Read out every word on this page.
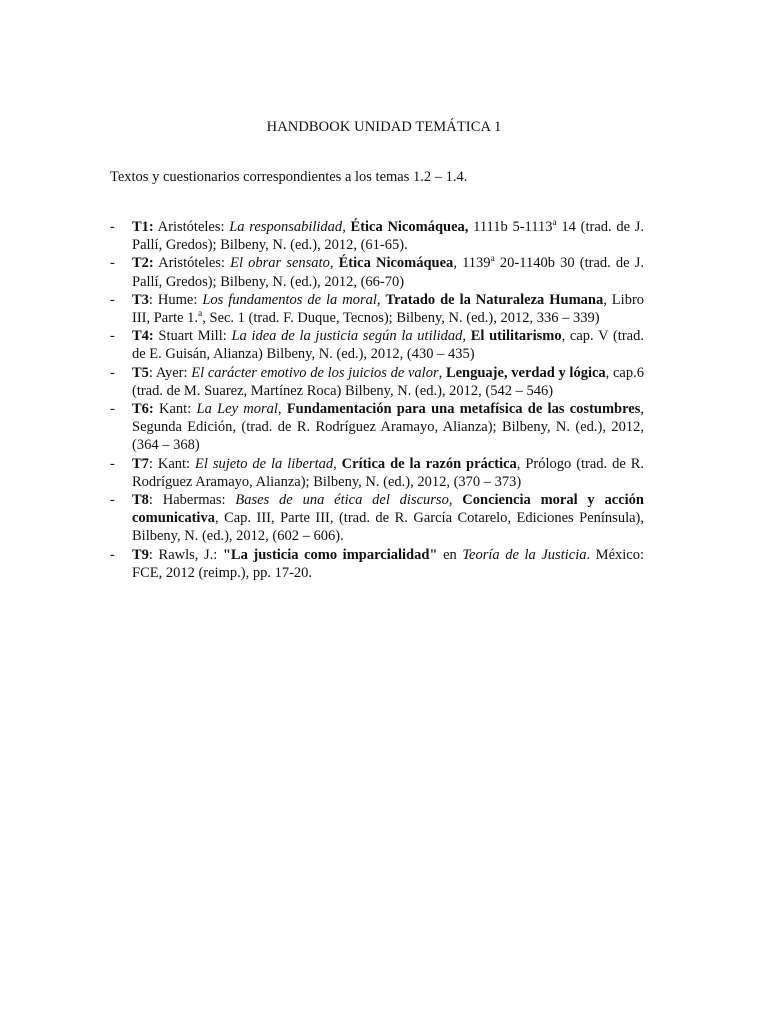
HANDBOOK UNIDAD TEMÁTICA 1
Textos y cuestionarios correspondientes a los temas 1.2 – 1.4.
- T1: Aristóteles: La responsabilidad, Ética Nicomáquea, 1111b 5-1113$^a$ 14 (trad. de J. Pallí, Gredos); Bilbeny, N. (ed.), 2012, (61-65).
- T2: Aristóteles: El obrar sensato, Ética Nicomáquea, 1139$^a$ 20-1140b 30 (trad. de J. Pallí, Gredos); Bilbeny, N. (ed.), 2012, (66-70)
- T3: Hume: Los fundamentos de la moral, Tratado de la Naturaleza Humana, Libro III, Parte 1.$^a$, Sec. 1 (trad. F. Duque, Tecnos); Bilbeny, N. (ed.), 2012, 336 – 339)
- T4: Stuart Mill: La idea de la justicia según la utilidad, El utilitarismo, cap. V (trad. de E. Guisán, Alianza) Bilbeny, N. (ed.), 2012, (430 – 435)
- T5: Ayer: El carácter emotivo de los juicios de valor, Lenguaje, verdad y lógica, cap.6 (trad. de M. Suarez, Martínez Roca) Bilbeny, N. (ed.), 2012, (542 – 546)
- T6: Kant: La Ley moral, Fundamentación para una metafísica de las costumbres, Segunda Edición, (trad. de R. Rodríguez Aramayo, Alianza); Bilbeny, N. (ed.), 2012, (364 – 368)
- T7: Kant: El sujeto de la libertad, Crítica de la razón práctica, Prólogo (trad. de R. Rodríguez Aramayo, Alianza); Bilbeny, N. (ed.), 2012, (370 – 373)
- T8: Habermas: Bases de una ética del discurso, Conciencia moral y acción comunicativa, Cap. III, Parte III, (trad. de R. García Cotarelo, Ediciones Península), Bilbeny, N. (ed.), 2012, (602 – 606).
- T9: Rawls, J.: "La justicia como imparcialidad" en Teoría de la Justicia. México: FCE, 2012 (reimp.), pp. 17-20.
